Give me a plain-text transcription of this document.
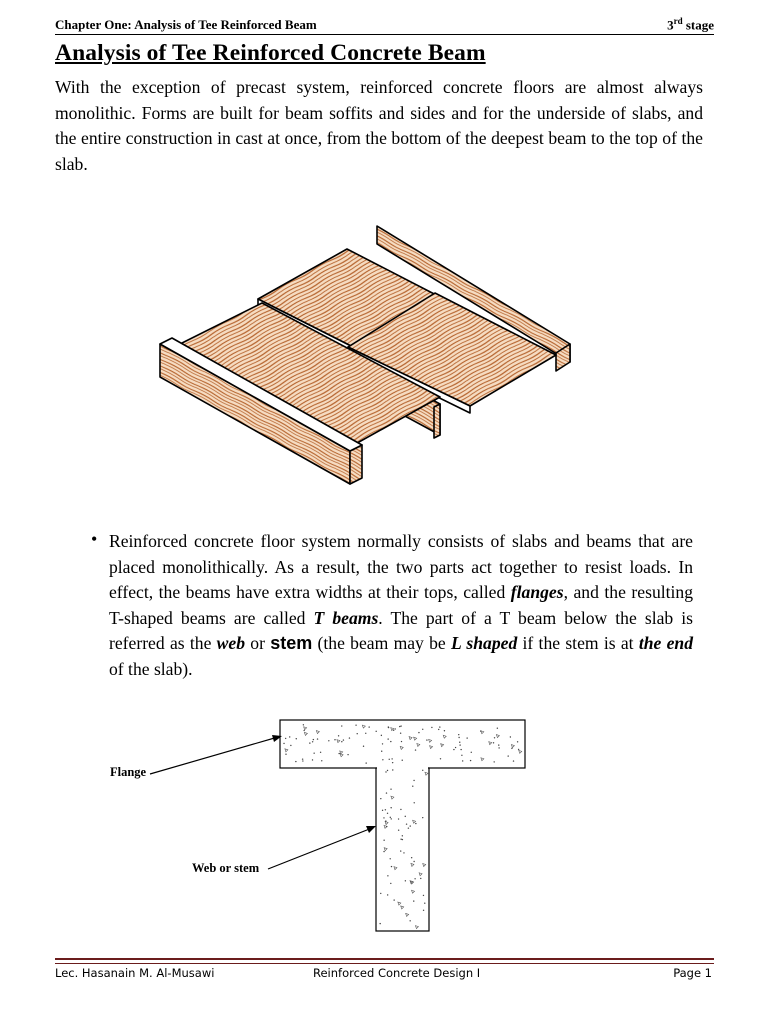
Chapter One: Analysis of Tee Reinforced Beam	3rd stage
Analysis of Tee Reinforced Concrete Beam

With the exception of precast system, reinforced concrete floors are almost always monolithic. Forms are built for beam soffits and sides and for the underside of slabs, and the entire construction in cast at once, from the bottom of the deepest beam to the top of the slab.

• Reinforced concrete floor system normally consists of slabs and beams that are placed monolithically. As a result, the two parts act together to resist loads. In effect, the beams have extra widths at their tops, called flanges, and the resulting T-shaped beams are called T beams. The part of a T beam below the slab is referred as the web or stem (the beam may be L shaped if the stem is at the end of the slab).

Flange
Web or stem
Lec. Hasanain M. Al-Musawi	Reinforced Concrete Design I	Page 1
